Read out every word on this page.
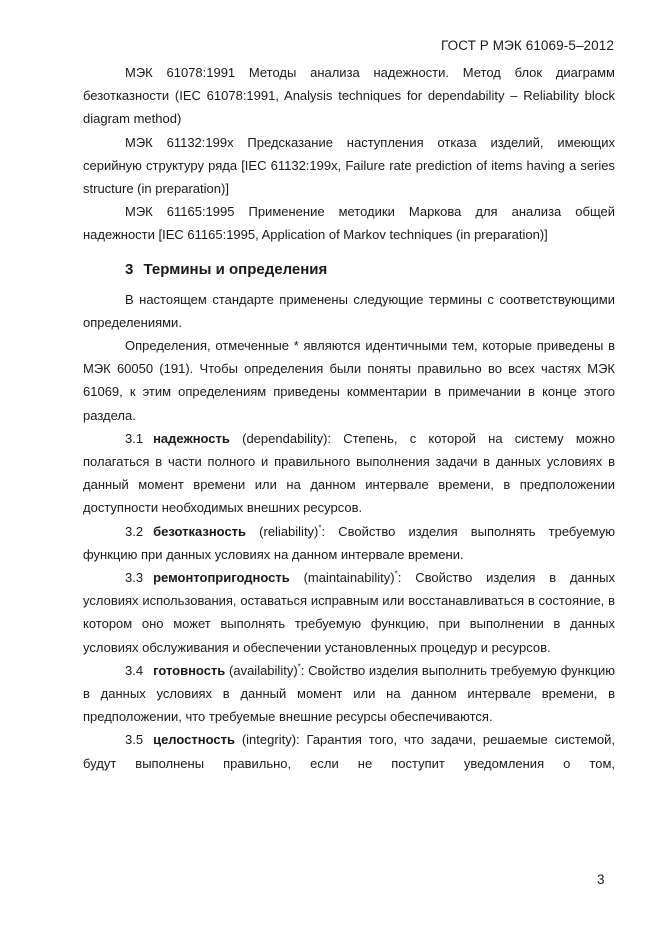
ГОСТ Р МЭК 61069-5–2012

МЭК 61078:1991 Методы анализа надежности. Метод блок диаграмм безотказности (IEC 61078:1991, Analysis techniques for dependability – Reliability block diagram method)

МЭК 61132:199x Предсказание наступления отказа изделий, имеющих серийную структуру ряда [IEC 61132:199x, Failure rate prediction of items having a series structure (in preparation)]

МЭК 61165:1995 Применение методики Маркова для анализа общей надежности [IEC 61165:1995, Application of Markov techniques (in preparation)]

3 Термины и определения

В настоящем стандарте применены следующие термины с соответствующими определениями.

Определения, отмеченные * являются идентичными тем, которые приведены в МЭК 60050 (191). Чтобы определения были поняты правильно во всех частях МЭК 61069, к этим определениям приведены комментарии в примечании в конце этого раздела.

3.1 надежность (dependability): Степень, с которой на систему можно полагаться в части полного и правильного выполнения задачи в данных условиях в данный момент времени или на данном интервале времени, в предположении доступности необходимых внешних ресурсов.

3.2 безотказность (reliability)*: Свойство изделия выполнять требуемую функцию при данных условиях на данном интервале времени.

3.3 ремонтопригодность (maintainability)*: Свойство изделия в данных условиях использования, оставаться исправным или восстанавливаться в состояние, в котором оно может выполнять требуемую функцию, при выполнении в данных условиях обслуживания и обеспечении установленных процедур и ресурсов.

3.4 готовность (availability)*: Свойство изделия выполнить требуемую функцию в данных условиях в данный момент или на данном интервале времени, в предположении, что требуемые внешние ресурсы обеспечиваются.

3.5 целостность (integrity): Гарантия того, что задачи, решаемые системой, будут выполнены правильно, если не поступит уведомления о том,

3
